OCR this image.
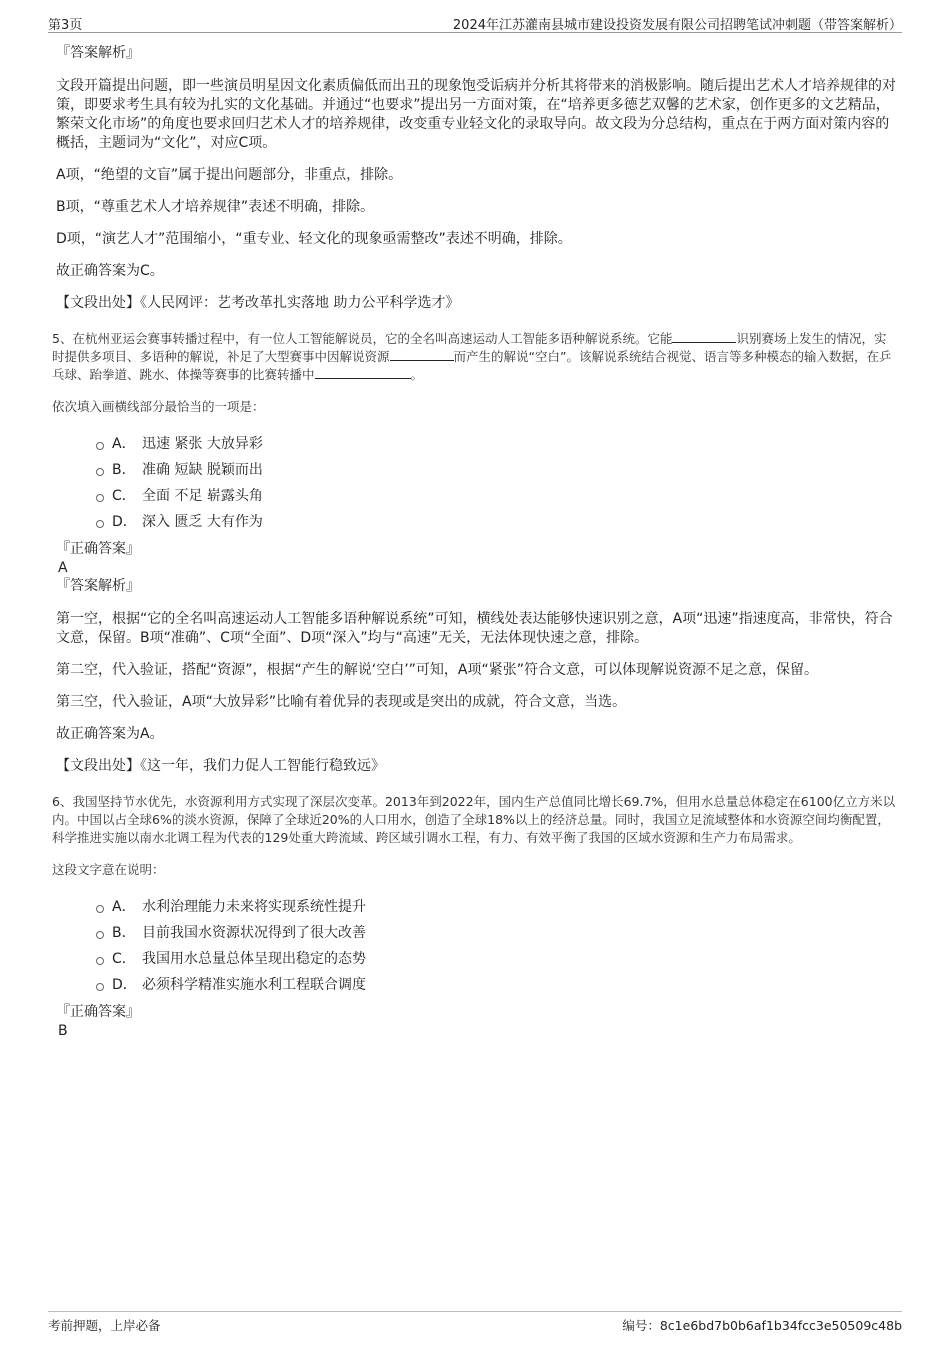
第3页	2024年江苏灌南县城市建设投资发展有限公司招聘笔试冲刺题（带答案解析）
『答案解析』

文段开篇提出问题，即一些演员明星因文化素质偏低而出丑的现象饱受诟病并分析其将带来的消极影响。随后提出艺术人才培养规律的对策，即要求考生具有较为扎实的文化基础。并通过“也要求”提出另一方面对策，在“培养更多德艺双馨的艺术家，创作更多的文艺精品，繁荣文化市场”的角度也要求回归艺术人才的培养规律，改变重专业轻文化的录取导向。故文段为分总结构，重点在于两方面对策内容的概括，主题词为“文化”，对应C项。

A项，“绝望的文盲”属于提出问题部分，非重点，排除。

B项，“尊重艺术人才培养规律”表述不明确，排除。

D项，“演艺人才”范围缩小，“重专业、轻文化的现象亟需整改”表述不明确，排除。

故正确答案为C。

【文段出处】《人民网评：艺考改革扎实落地 助力公平科学选才》

5、在杭州亚运会赛事转播过程中，有一位人工智能解说员，它的全名叫高速运动人工智能多语种解说系统。它能	识别赛场上发生的情况，实时提供多项目、多语种的解说，补足了大型赛事中因解说资源	而产生的解说“空白”。该解说系统结合视觉、语言等多种模态的输入数据，在乒乓球、跆拳道、跳水、体操等赛事的比赛转播中	。

依次填入画横线部分最恰当的一项是：

A． 迅速 紧张 大放异彩
B． 准确 短缺 脱颖而出
C． 全面 不足 崭露头角
D． 深入 匮乏 大有作为
『正确答案』
A
『答案解析』

第一空，根据“它的全名叫高速运动人工智能多语种解说系统”可知，横线处表达能够快速识别之意，A项“迅速”指速度高，非常快，符合文意，保留。B项“准确”、C项“全面”、D项“深入”均与“高速”无关，无法体现快速之意，排除。

第二空，代入验证，搭配“资源”，根据“产生的解说‘空白’”可知，A项“紧张”符合文意，可以体现解说资源不足之意，保留。

第三空，代入验证，A项“大放异彩”比喻有着优异的表现或是突出的成就，符合文意，当选。

故正确答案为A。

【文段出处】《这一年，我们力促人工智能行稳致远》

6、我国坚持节水优先，水资源利用方式实现了深层次变革。2013年到2022年，国内生产总值同比增长69.7%，但用水总量总体稳定在6100亿立方米以内。中国以占全球6%的淡水资源，保障了全球近20%的人口用水，创造了全球18%以上的经济总量。同时，我国立足流域整体和水资源空间均衡配置，科学推进实施以南水北调工程为代表的129处重大跨流域、跨区域引调水工程，有力、有效平衡了我国的区域水资源和生产力布局需求。

这段文字意在说明：

A． 水利治理能力未来将实现系统性提升
B． 目前我国水资源状况得到了很大改善
C． 我国用水总量总体呈现出稳定的态势
D． 必须科学精准实施水利工程联合调度
『正确答案』
B
考前押题，上岸必备	编号：8c1e6bd7b0b6af1b34fcc3e50509c48b
